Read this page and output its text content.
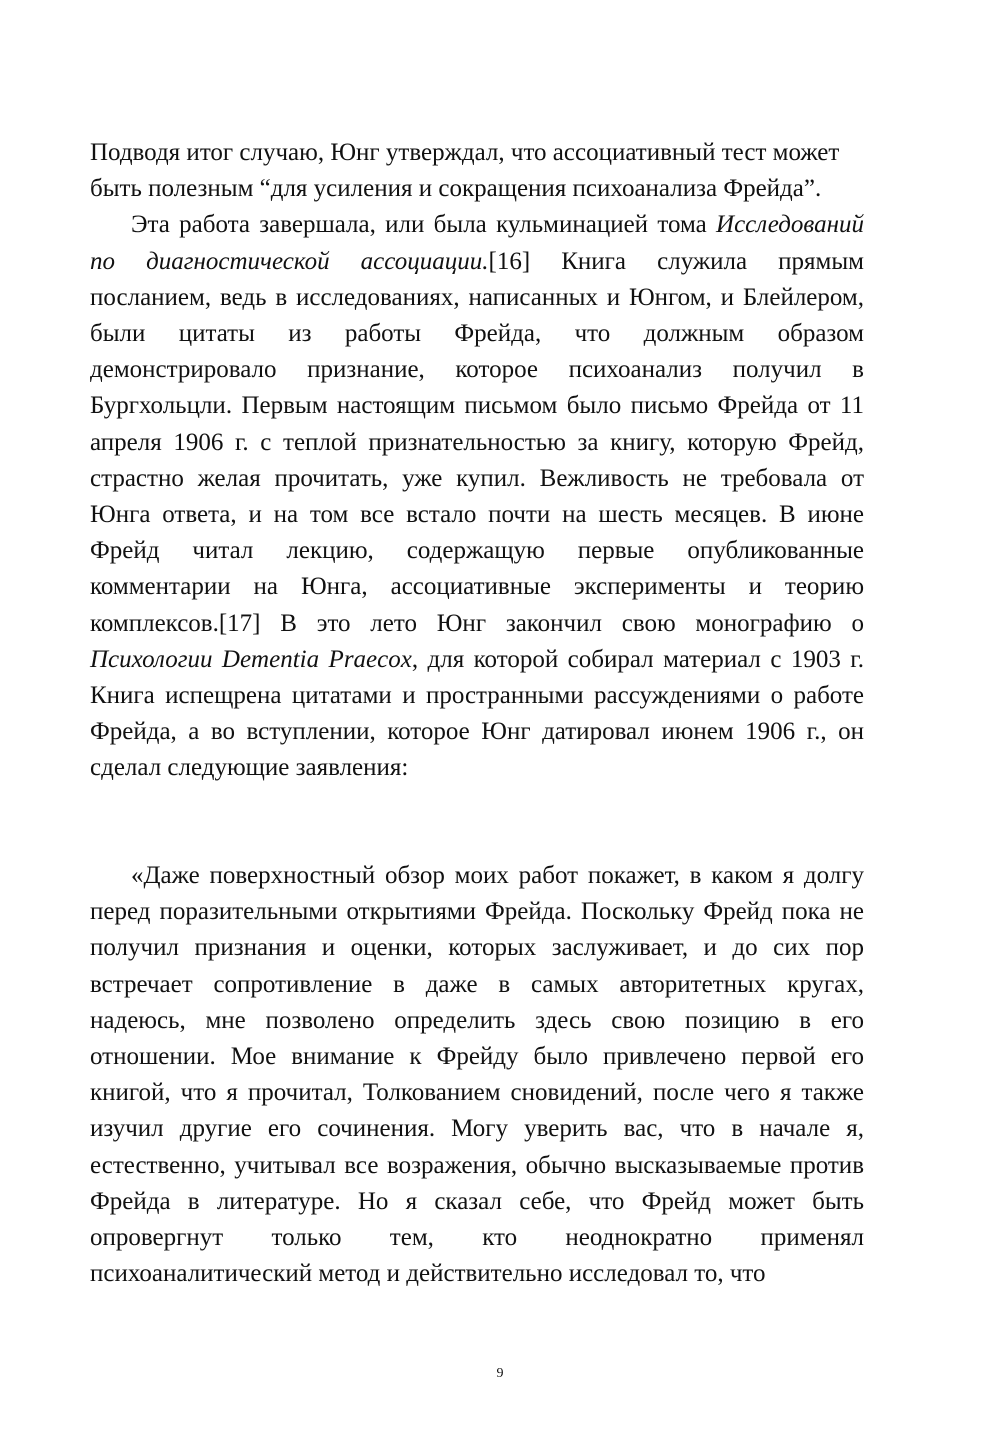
Подводя итог случаю, Юнг утверждал, что ассоциативный тест может
быть полезным “для усиления и сокращения психоанализа Фрейда”.

Эта работа завершала, или была кульминацией тома Исследований по диагностической ассоциации.[16] Книга служила прямым посланием, ведь в исследованиях, написанных и Юнгом, и Блейлером, были цитаты из работы Фрейда, что должным образом демонстрировало признание, которое психоанализ получил в Бургхольцли. Первым настоящим письмом было письмо Фрейда от 11 апреля 1906 г. с теплой признательностью за книгу, которую Фрейд, страстно желая прочитать, уже купил. Вежливость не требовала от Юнга ответа, и на том все встало почти на шесть месяцев. В июне Фрейд читал лекцию, содержащую первые опубликованные комментарии на Юнга, ассоциативные эксперименты и теорию комплексов.[17] В это лето Юнг закончил свою монографию о Психологии Dementia Praecox, для которой собирал материал с 1903 г. Книга испещрена цитатами и пространными рассуждениями о работе Фрейда, а во вступлении, которое Юнг датировал июнем 1906 г., он сделал следующие заявления:

«Даже поверхностный обзор моих работ покажет, в каком я долгу перед поразительными открытиями Фрейда. Поскольку Фрейд пока не получил признания и оценки, которых заслуживает, и до сих пор встречает сопротивление в даже в самых авторитетных кругах, надеюсь, мне позволено определить здесь свою позицию в его отношении. Мое внимание к Фрейду было привлечено первой его книгой, что я прочитал, Толкованием сновидений, после чего я также изучил другие его сочинения. Могу уверить вас, что в начале я, естественно, учитывал все возражения, обычно высказываемые против Фрейда в литературе. Но я сказал себе, что Фрейд может быть опровергнут только тем, кто неоднократно применял психоаналитический метод и действительно исследовал то, что

9
